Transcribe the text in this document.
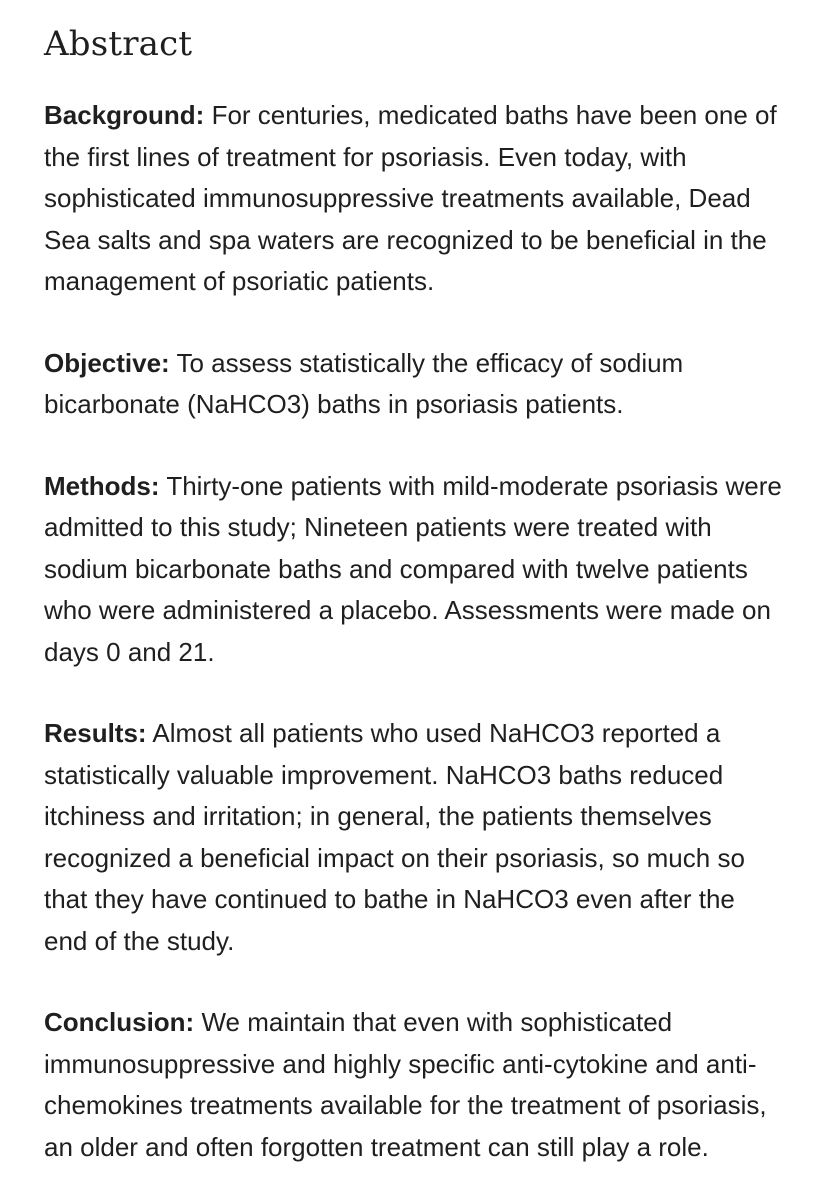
Abstract

Background: For centuries, medicated baths have been one of the first lines of treatment for psoriasis. Even today, with sophisticated immunosuppressive treatments available, Dead Sea salts and spa waters are recognized to be beneficial in the management of psoriatic patients.

Objective: To assess statistically the efficacy of sodium bicarbonate (NaHCO3) baths in psoriasis patients.

Methods: Thirty-one patients with mild-moderate psoriasis were admitted to this study; Nineteen patients were treated with sodium bicarbonate baths and compared with twelve patients who were administered a placebo. Assessments were made on days 0 and 21.

Results: Almost all patients who used NaHCO3 reported a statistically valuable improvement. NaHCO3 baths reduced itchiness and irritation; in general, the patients themselves recognized a beneficial impact on their psoriasis, so much so that they have continued to bathe in NaHCO3 even after the end of the study.

Conclusion: We maintain that even with sophisticated immunosuppressive and highly specific anti-cytokine and anti-chemokines treatments available for the treatment of psoriasis, an older and often forgotten treatment can still play a role.
